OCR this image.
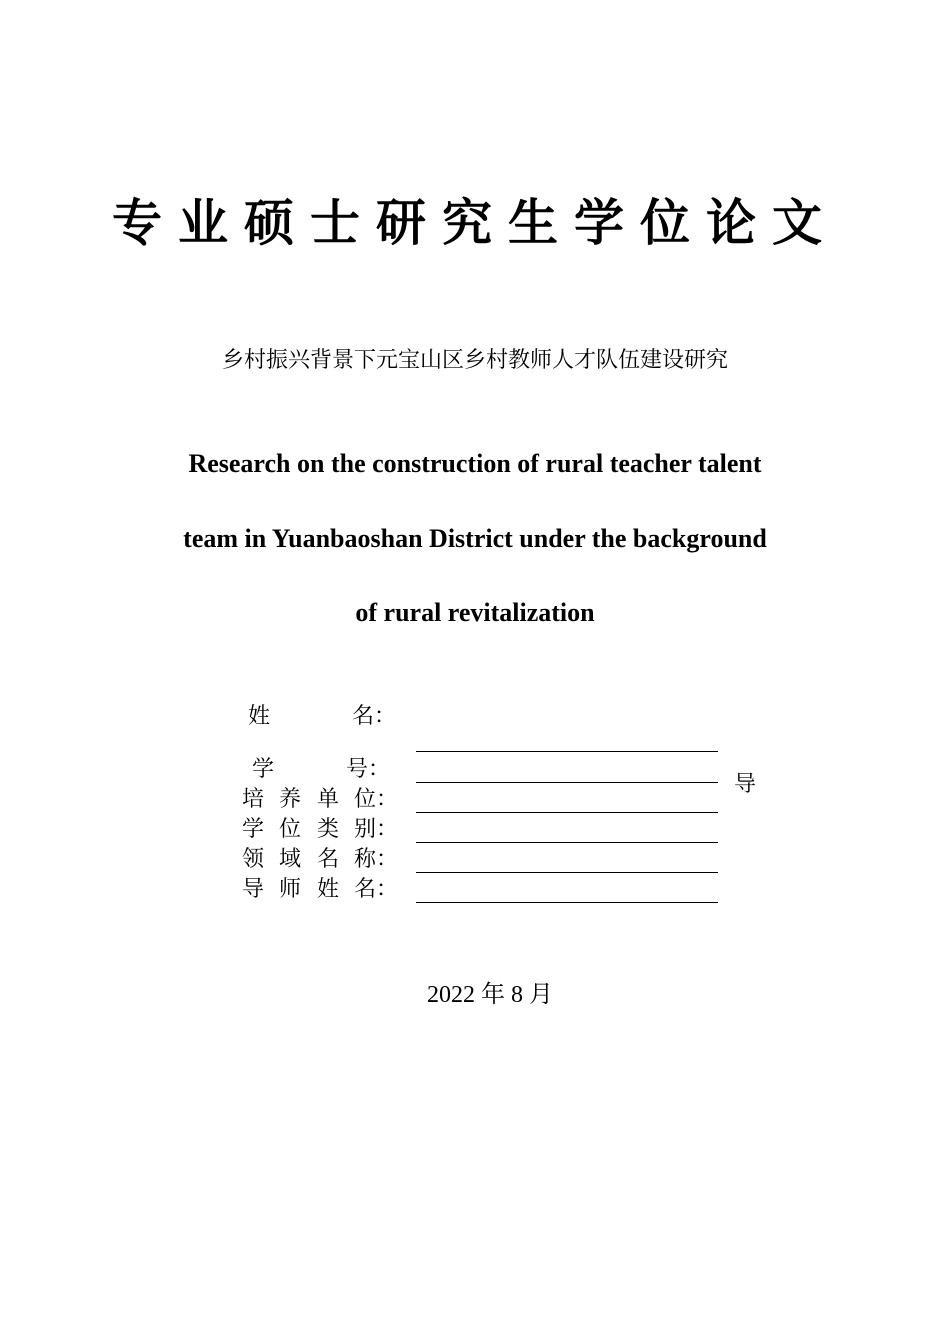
专业硕士研究生学位论文
乡村振兴背景下元宝山区乡村教师人才队伍建设研究
Research on the construction of rural teacher talent
team in Yuanbaoshan District under the background
of rural revitalization
姓	名：
学	号：
培 养 单 位：
学 位 类 别：
领 域 名 称：
导 师 姓 名：
导
2022 年 8 月
